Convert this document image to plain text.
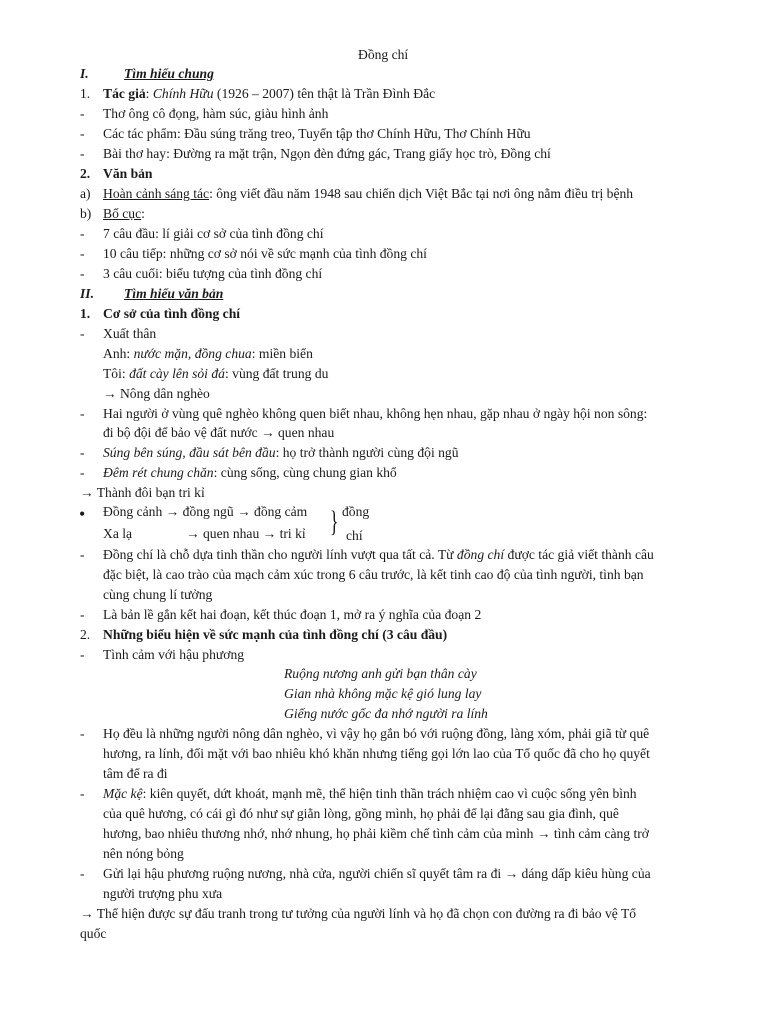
Đồng chí
I.	Tìm hiểu chung
1. Tác giả: Chính Hữu (1926 – 2007) tên thật là Trần Đình Đắc
- Thơ ông cô đọng, hàm súc, giàu hình ảnh
- Các tác phẩm: Đầu súng trăng treo, Tuyển tập thơ Chính Hữu, Thơ Chính Hữu
- Bài thơ hay: Đường ra mặt trận, Ngọn đèn đứng gác, Trang giấy học trò, Đồng chí
2. Văn bản
a) Hoàn cảnh sáng tác: ông viết đầu năm 1948 sau chiến dịch Việt Bắc tại nơi ông nằm điều trị bệnh
b) Bố cục:
- 7 câu đầu: lí giải cơ sở của tình đồng chí
- 10 câu tiếp: những cơ sở nói về sức mạnh của tình đồng chí
- 3 câu cuối: biểu tượng của tình đồng chí
II. Tìm hiểu văn bản
1. Cơ sở của tình đồng chí
- Xuất thân
Anh: nước mặn, đồng chua: miền biển
Tôi: đất cày lên sỏi đá: vùng đất trung du
→ Nông dân nghèo
- Hai người ở vùng quê nghèo không quen biết nhau, không hẹn nhau, gặp nhau ở ngày hội non sông:
đi bộ đội để bảo vệ đất nước → quen nhau
- Súng bên súng, đầu sát bên đầu: họ trở thành người cùng đội ngũ
- Đêm rét chung chăn: cùng sống, cùng chung gian khổ
→ Thành đôi bạn tri kỉ
• Đồng cảnh → đồng ngũ → đồng cảm
Xa lạ	→ quen nhau → tri kỉ } đồng
chí
- Đồng chí là chỗ dựa tinh thần cho người lính vượt qua tất cả. Từ đồng chí được tác giả viết thành câu
đặc biệt, là cao trào của mạch cảm xúc trong 6 câu trước, là kết tinh cao độ của tình người, tình bạn
cùng chung lí tưởng
- Là bản lề gắn kết hai đoạn, kết thúc đoạn 1, mở ra ý nghĩa của đoạn 2
2. Những biểu hiện về sức mạnh của tình đồng chí (3 câu đầu)
- Tình cảm với hậu phương
Ruộng nương anh gửi bạn thân cày
Gian nhà không mặc kệ gió lung lay
Giếng nước gốc đa nhớ người ra lính
- Họ đều là những người nông dân nghèo, vì vậy họ gắn bó với ruộng đồng, làng xóm, phải giã từ quê
hương, ra lính, đối mặt với bao nhiêu khó khăn nhưng tiếng gọi lớn lao của Tổ quốc đã cho họ quyết
tâm để ra đi
- Mặc kệ: kiên quyết, dứt khoát, mạnh mẽ, thể hiện tinh thần trách nhiệm cao vì cuộc sống yên bình
của quê hương, có cái gì đó như sự giằn lòng, gồng mình, họ phải để lại đằng sau gia đình, quê
hương, bao nhiêu thương nhớ, nhớ nhung, họ phải kiềm chế tình cảm của mình → tình cảm càng trở
nên nóng bỏng
- Gửi lại hậu phương ruộng nương, nhà cửa, người chiến sĩ quyết tâm ra đi → dáng dấp kiêu hùng của
người trượng phu xưa
→ Thể hiện được sự đấu tranh trong tư tưởng của người lính và họ đã chọn con đường ra đi bảo vệ Tổ
quốc
